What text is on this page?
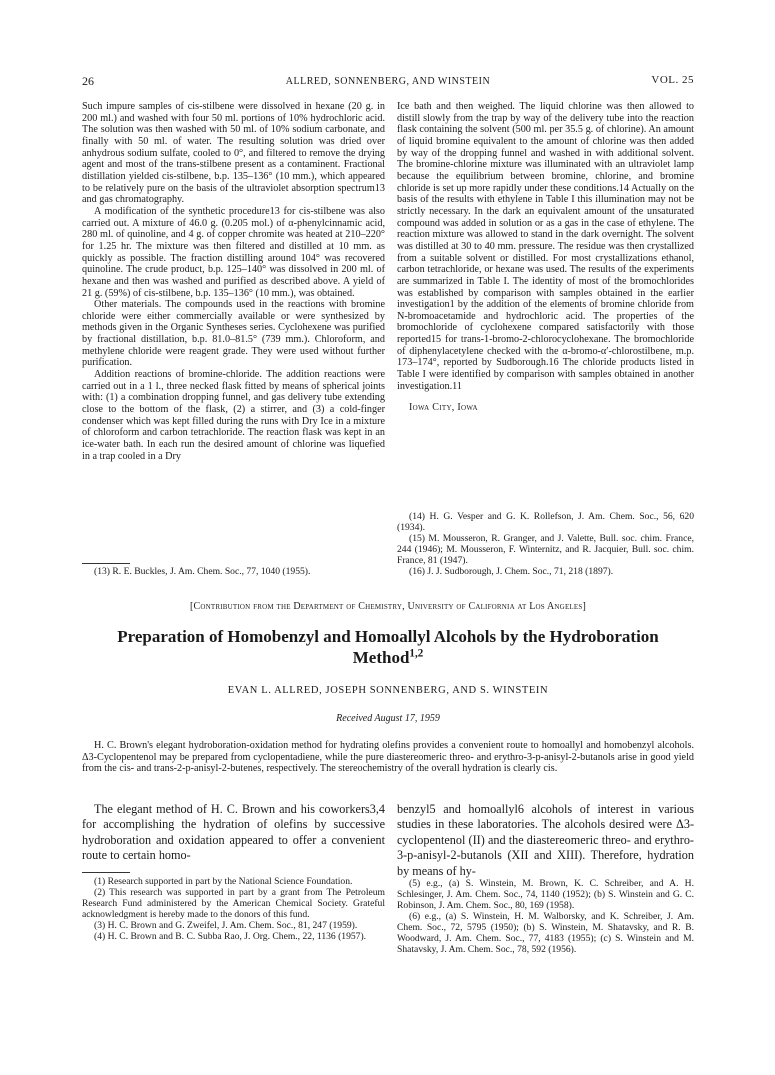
26	ALLRED, SONNENBERG, AND WINSTEIN	VOL. 25

Such impure samples of cis-stilbene were dissolved in hexane (20 g. in 200 ml.) and washed with four 50 ml. portions of 10% hydrochloric acid. The solution was then washed with 50 ml. of 10% sodium carbonate, and finally with 50 ml. of water. The resulting solution was dried over anhydrous sodium sulfate, cooled to 0°, and filtered to remove the drying agent and most of the trans-stilbene present as a contaminent. Fractional distillation yielded cis-stilbene, b.p. 135–136° (10 mm.), which appeared to be relatively pure on the basis of the ultraviolet absorption spectrum13 and gas chromatography.

A modification of the synthetic procedure13 for cis-stilbene was also carried out. A mixture of 46.0 g. (0.205 mol.) of α-phenylcinnamic acid, 280 ml. of quinoline, and 4 g. of copper chromite was heated at 210–220° for 1.25 hr. The mixture was then filtered and distilled at 10 mm. as quickly as possible. The fraction distilling around 104° was recovered quinoline. The crude product, b.p. 125–140° was dissolved in 200 ml. of hexane and then was washed and purified as described above. A yield of 21 g. (59%) of cis-stilbene, b.p. 135–136° (10 mm.), was obtained.

Other materials. The compounds used in the reactions with bromine chloride were either commercially available or were synthesized by methods given in the Organic Syntheses series. Cyclohexene was purified by fractional distillation, b.p. 81.0–81.5° (739 mm.). Chloroform, and methylene chloride were reagent grade. They were used without further purification.

Addition reactions of bromine-chloride. The addition reactions were carried out in a 1 l., three necked flask fitted by means of spherical joints with: (1) a combination dropping funnel, and gas delivery tube extending close to the bottom of the flask, (2) a stirrer, and (3) a cold-finger condenser which was kept filled during the runs with Dry Ice in a mixture of chloroform and carbon tetrachloride. The reaction flask was kept in an ice-water bath. In each run the desired amount of chlorine was liquefied in a trap cooled in a Dry

(13) R. E. Buckles, J. Am. Chem. Soc., 77, 1040 (1955).

Ice bath and then weighed. The liquid chlorine was then allowed to distill slowly from the trap by way of the delivery tube into the reaction flask containing the solvent (500 ml. per 35.5 g. of chlorine). An amount of liquid bromine equivalent to the amount of chlorine was then added by way of the dropping funnel and washed in with additional solvent. The bromine-chlorine mixture was illuminated with an ultraviolet lamp because the equilibrium between bromine, chlorine, and bromine chloride is set up more rapidly under these conditions.14 Actually on the basis of the results with ethylene in Table I this illumination may not be strictly necessary. In the dark an equivalent amount of the unsaturated compound was added in solution or as a gas in the case of ethylene. The reaction mixture was allowed to stand in the dark overnight. The solvent was distilled at 30 to 40 mm. pressure. The residue was then crystallized from a suitable solvent or distilled. For most crystallizations ethanol, carbon tetrachloride, or hexane was used. The results of the experiments are summarized in Table I. The identity of most of the bromochlorides was established by comparison with samples obtained in the earlier investigation1 by the addition of the elements of bromine chloride from N-bromoacetamide and hydrochloric acid. The properties of the bromochloride of cyclohexene compared satisfactorily with those reported15 for trans-1-bromo-2-chlorocyclohexane. The bromochloride of diphenylacetylene checked with the α-bromo-α′-chlorostilbene, m.p. 173–174°, reported by Sudborough.16 The chloride products listed in Table I were identified by comparison with samples obtained in another investigation.11

Iowa City, Iowa

(14) H. G. Vesper and G. K. Rollefson, J. Am. Chem. Soc., 56, 620 (1934).

(15) M. Mousseron, R. Granger, and J. Valette, Bull. soc. chim. France, 244 (1946); M. Mousseron, F. Winternitz, and R. Jacquier, Bull. soc. chim. France, 81 (1947).

(16) J. J. Sudborough, J. Chem. Soc., 71, 218 (1897).

[Contribution from the Department of Chemistry, University of California at Los Angeles]
Preparation of Homobenzyl and Homoallyl Alcohols by the Hydroboration Method$^{1,2}$
EVAN L. ALLRED, JOSEPH SONNENBERG, AND S. WINSTEIN
Received August 17, 1959
H. C. Brown's elegant hydroboration-oxidation method for hydrating olefins provides a convenient route to homoallyl and homobenzyl alcohols. Δ3-Cyclopentenol may be prepared from cyclopentadiene, while the pure diastereomeric threo- and erythro-3-p-anisyl-2-butanols arise in good yield from the cis- and trans-2-p-anisyl-2-butenes, respectively. The stereochemistry of the overall hydration is clearly cis.

The elegant method of H. C. Brown and his coworkers3,4 for accomplishing the hydration of olefins by successive hydroboration and oxidation appeared to offer a convenient route to certain homo-

benzyl5 and homoallyl6 alcohols of interest in various studies in these laboratories. The alcohols desired were Δ3-cyclopentenol (II) and the diastereomeric threo- and erythro-3-p-anisyl-2-butanols (XII and XIII). Therefore, hydration by means of hy-

(1) Research supported in part by the National Science Foundation.

(2) This research was supported in part by a grant from The Petroleum Research Fund administered by the American Chemical Society. Grateful acknowledgment is hereby made to the donors of this fund.

(3) H. C. Brown and G. Zweifel, J. Am. Chem. Soc., 81, 247 (1959).

(4) H. C. Brown and B. C. Subba Rao, J. Org. Chem., 22, 1136 (1957).

(5) e.g., (a) S. Winstein, M. Brown, K. C. Schreiber, and A. H. Schlesinger, J. Am. Chem. Soc., 74, 1140 (1952); (b) S. Winstein and G. C. Robinson, J. Am. Chem. Soc., 80, 169 (1958).

(6) e.g., (a) S. Winstein, H. M. Walborsky, and K. Schreiber, J. Am. Chem. Soc., 72, 5795 (1950); (b) S. Winstein, M. Shatavsky, and R. B. Woodward, J. Am. Chem. Soc., 77, 4183 (1955); (c) S. Winstein and M. Shatavsky, J. Am. Chem. Soc., 78, 592 (1956).
